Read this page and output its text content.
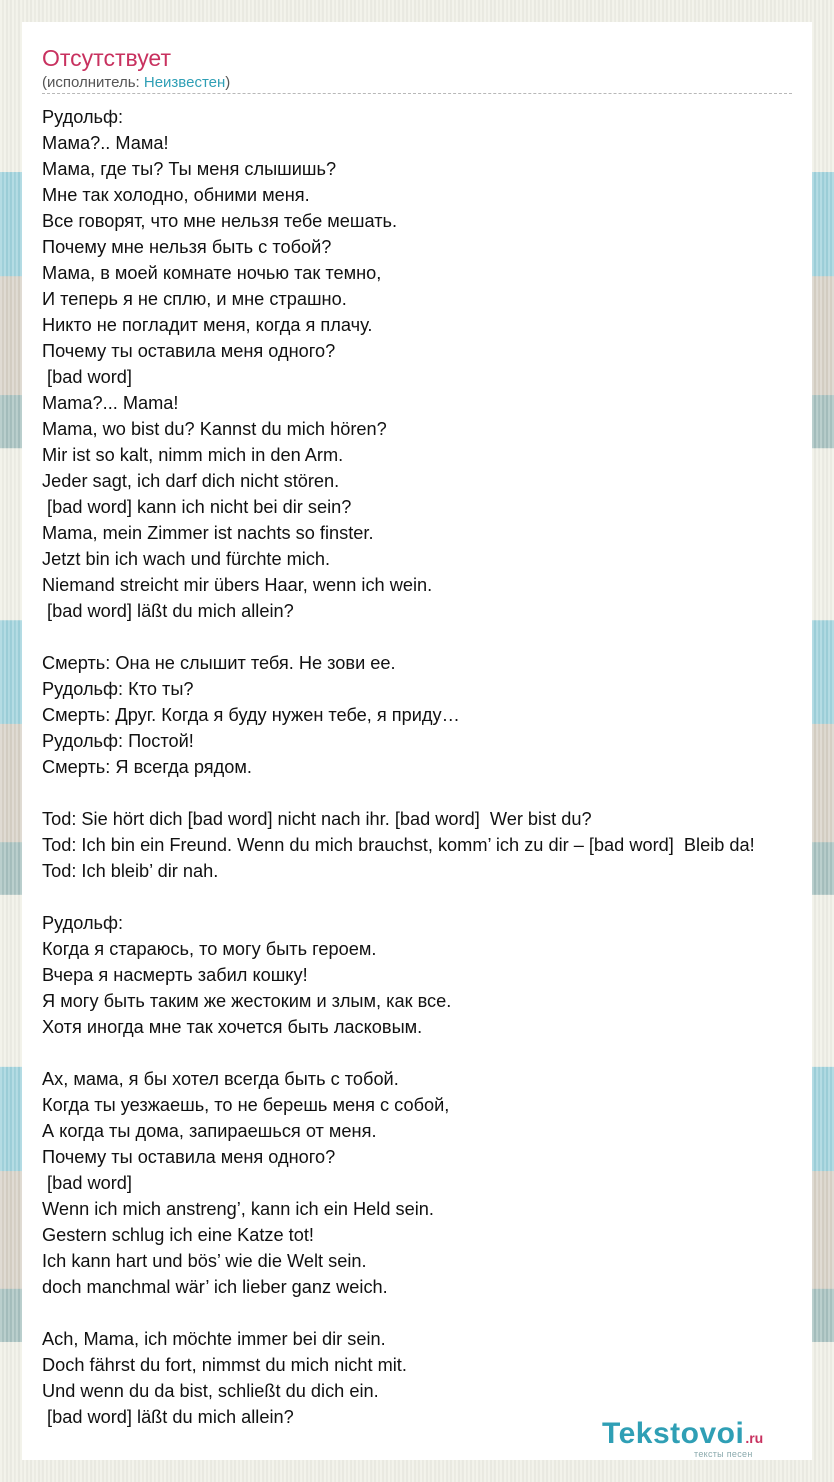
Отсутствует
(исполнитель: Неизвестен)
Рудольф:
Мама?.. Мама!
Мама, где ты? Ты меня слышишь?
Мне так холодно, обними меня.
Все говорят, что мне нельзя тебе мешать.
Почему мне нельзя быть с тобой?
Мама, в моей комнате ночью так темно,
И теперь я не сплю, и мне страшно.
Никто не погладит меня, когда я плачу.
Почему ты оставила меня одного?
[bad word]
Mama?... Mama!
Mama, wo bist du? Kannst du mich hören?
Mir ist so kalt, nimm mich in den Arm.
Jeder sagt, ich darf dich nicht stören.
[bad word] kann ich nicht bei dir sein?
Mama, mein Zimmer ist nachts so finster.
Jetzt bin ich wach und fürchte mich.
Niemand streicht mir übers Haar, wenn ich wein.
[bad word] läßt du mich allein?
Смерть: Она не слышит тебя. Не зови ее.
Рудольф: Кто ты?
Смерть: Друг. Когда я буду нужен тебе, я приду…
Рудольф: Постой!
Смерть: Я всегда рядом.
Tod: Sie hört dich [bad word] nicht nach ihr. [bad word]  Wer bist du?
Tod: Ich bin ein Freund. Wenn du mich brauchst, komm’ ich zu dir – [bad word]  Bleib da!
Tod: Ich bleib’ dir nah.
Рудольф:
Когда я стараюсь, то могу быть героем.
Вчера я насмерть забил кошку!
Я могу быть таким же жестоким и злым, как все.
Хотя иногда мне так хочется быть ласковым.
Ах, мама, я бы хотел всегда быть с тобой.
Когда ты уезжаешь, то не берешь меня с собой,
А когда ты дома, запираешься от меня.
Почему ты оставила меня одного?
[bad word]
Wenn ich mich anstreng’, kann ich ein Held sein.
Gestern schlug ich eine Katze tot!
Ich kann hart und bös’ wie die Welt sein.
doch manchmal wär’ ich lieber ganz weich.
Ach, Mama, ich möchte immer bei dir sein.
Doch fährst du fort, nimmst du mich nicht mit.
Und wenn du da bist, schließt du dich ein.
[bad word] läßt du mich allein?	Tekstovoi.ru
тексты песен
